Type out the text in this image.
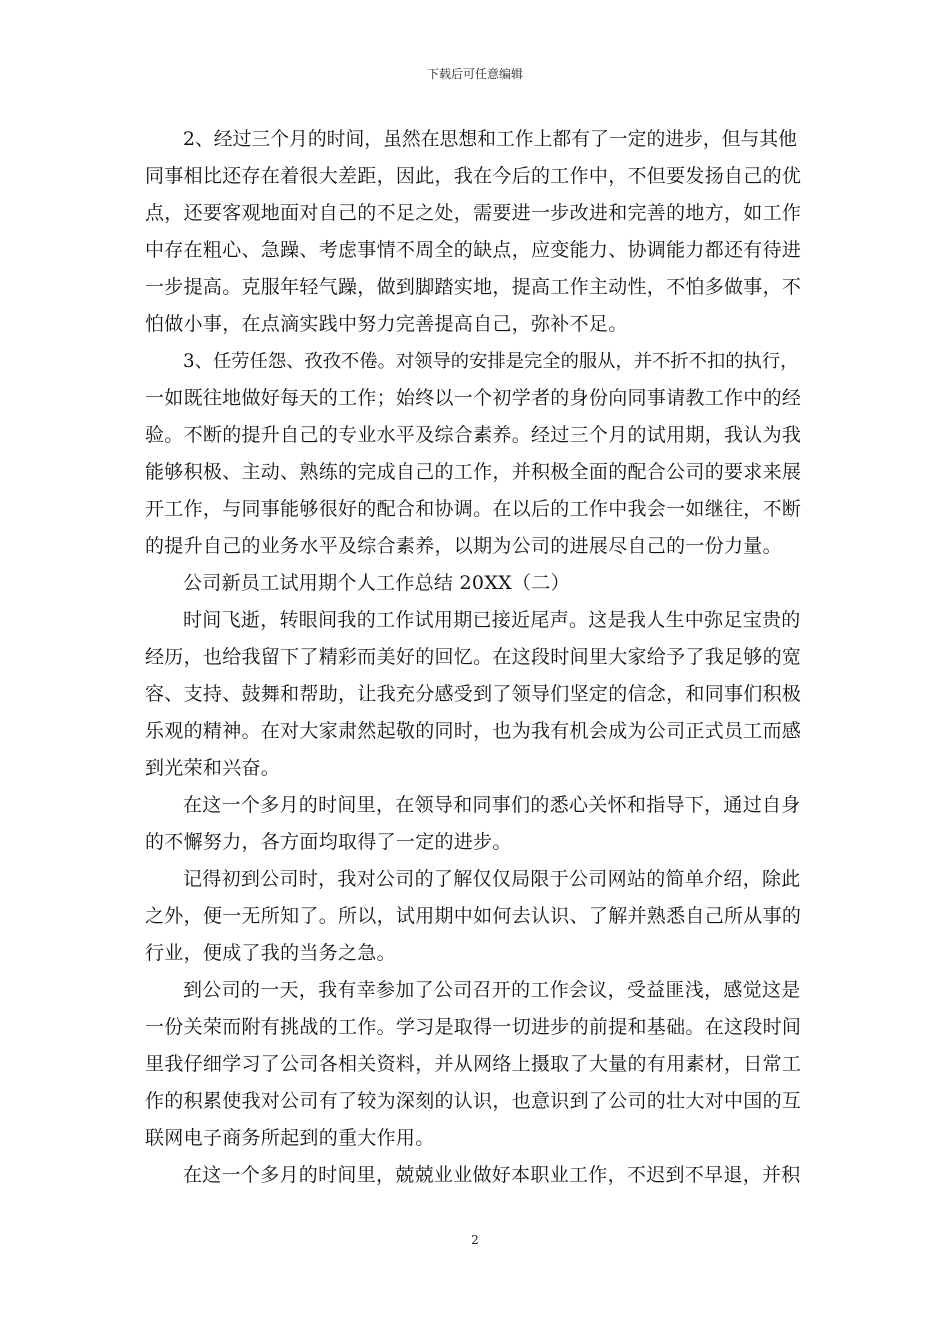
下载后可任意编辑
2、经过三个月的时间，虽然在思想和工作上都有了一定的进步，但与其他
同事相比还存在着很大差距，因此，我在今后的工作中，不但要发扬自己的优
点，还要客观地面对自己的不足之处，需要进一步改进和完善的地方，如工作
中存在粗心、急躁、考虑事情不周全的缺点，应变能力、协调能力都还有待进
一步提高。克服年轻气躁，做到脚踏实地，提高工作主动性，不怕多做事，不
怕做小事，在点滴实践中努力完善提高自己，弥补不足。
3、任劳任怨、孜孜不倦。对领导的安排是完全的服从，并不折不扣的执行，
一如既往地做好每天的工作；始终以一个初学者的身份向同事请教工作中的经
验。不断的提升自己的专业水平及综合素养。经过三个月的试用期，我认为我
能够积极、主动、熟练的完成自己的工作，并积极全面的配合公司的要求来展
开工作，与同事能够很好的配合和协调。在以后的工作中我会一如继往，不断
的提升自己的业务水平及综合素养，以期为公司的进展尽自己的一份力量。
公司新员工试用期个人工作总结 20XX（二）
时间飞逝，转眼间我的工作试用期已接近尾声。这是我人生中弥足宝贵的
经历，也给我留下了精彩而美好的回忆。在这段时间里大家给予了我足够的宽
容、支持、鼓舞和帮助，让我充分感受到了领导们坚定的信念，和同事们积极
乐观的精神。在对大家肃然起敬的同时，也为我有机会成为公司正式员工而感
到光荣和兴奋。
在这一个多月的时间里，在领导和同事们的悉心关怀和指导下，通过自身
的不懈努力，各方面均取得了一定的进步。
记得初到公司时，我对公司的了解仅仅局限于公司网站的简单介绍，除此
之外，便一无所知了。所以，试用期中如何去认识、了解并熟悉自己所从事的
行业，便成了我的当务之急。
到公司的一天，我有幸参加了公司召开的工作会议，受益匪浅，感觉这是
一份关荣而附有挑战的工作。学习是取得一切进步的前提和基础。在这段时间
里我仔细学习了公司各相关资料，并从网络上摄取了大量的有用素材，日常工
作的积累使我对公司有了较为深刻的认识，也意识到了公司的壮大对中国的互
联网电子商务所起到的重大作用。
在这一个多月的时间里，兢兢业业做好本职业工作，不迟到不早退，并积
2
